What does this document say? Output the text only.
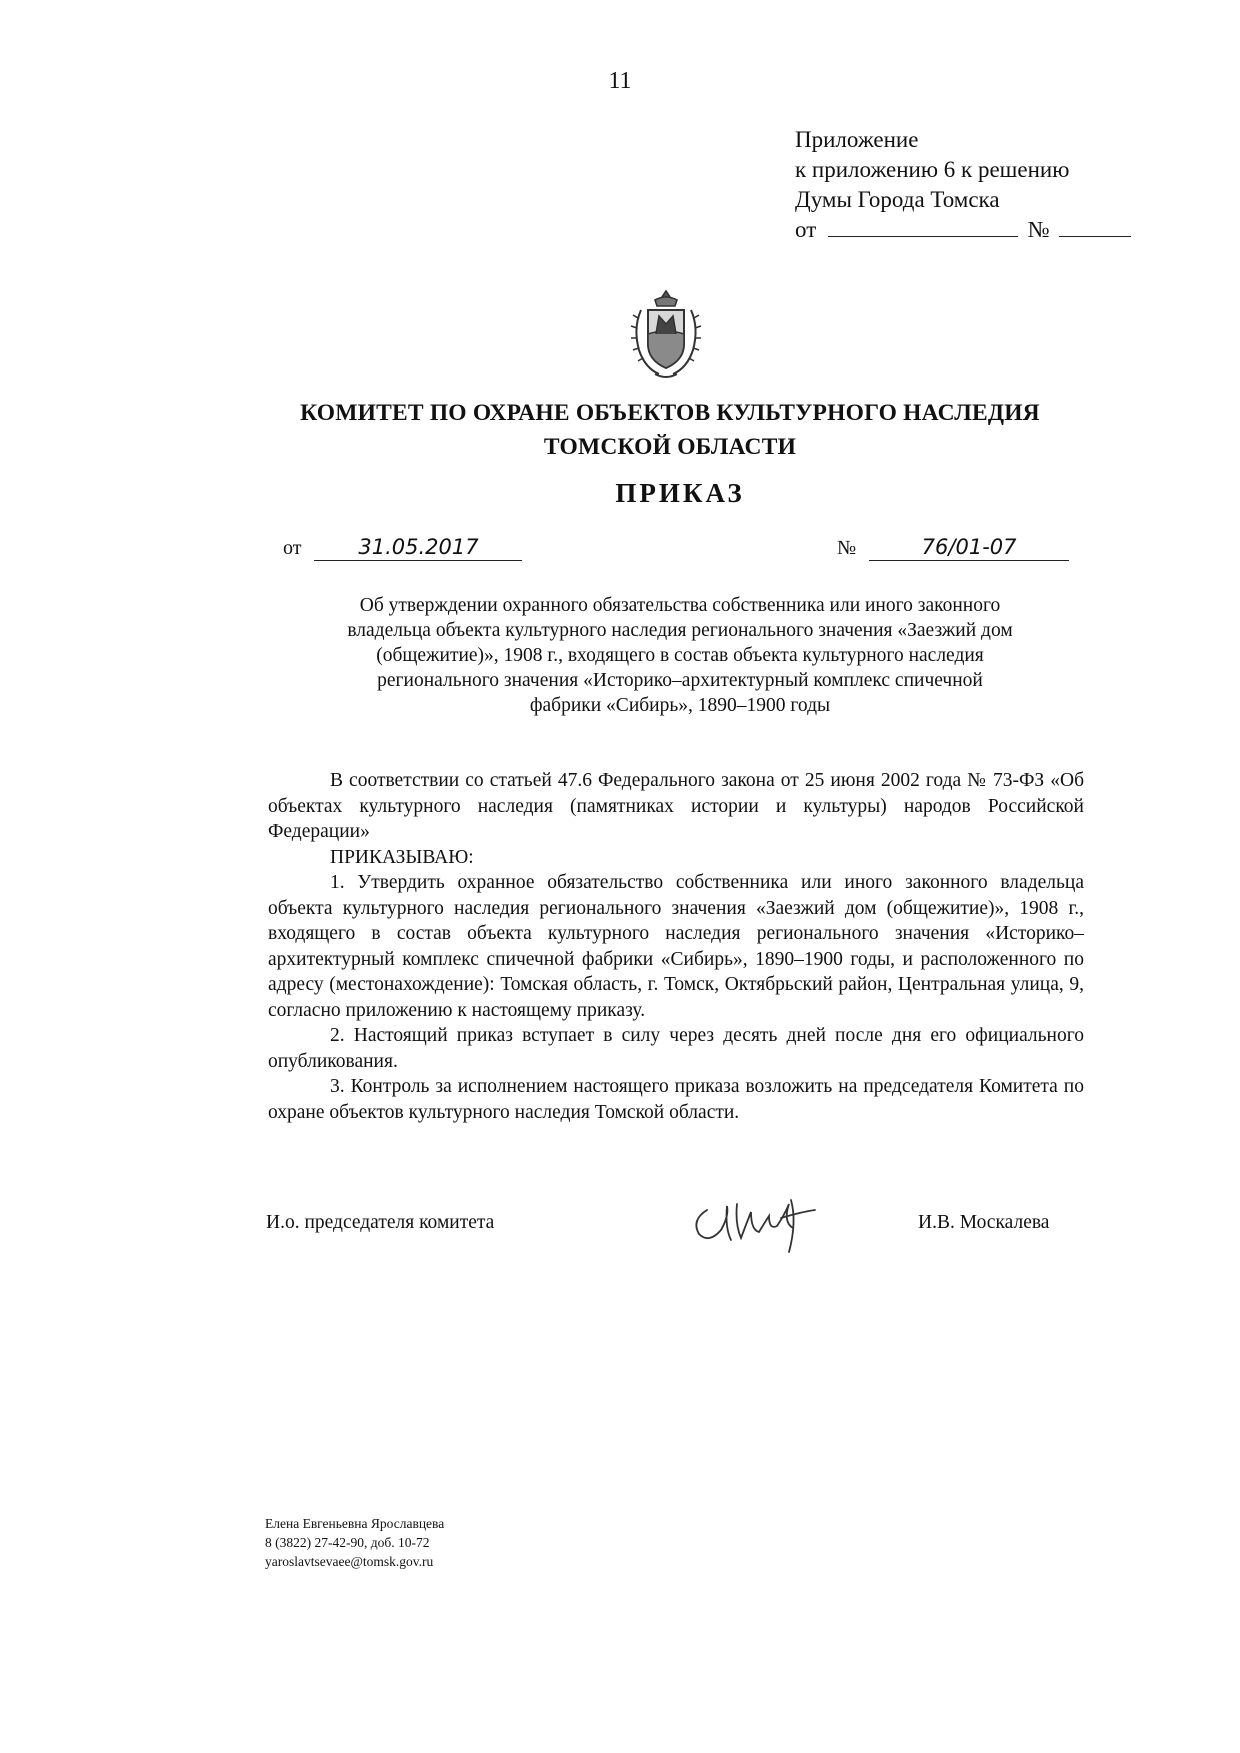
11
Приложение
к приложению 6 к решению
Думы Города Томска
от	№
КОМИТЕТ ПО ОХРАНЕ ОБЪЕКТОВ КУЛЬТУРНОГО НАСЛЕДИЯ
ТОМСКОЙ ОБЛАСТИ
ПРИКАЗ
от	31.05.2017	№	76/01-07
Об утверждении охранного обязательства собственника или иного законного
владельца объекта культурного наследия регионального значения «Заезжий дом
(общежитие)», 1908 г., входящего в состав объекта культурного наследия
регионального значения «Историко–архитектурный комплекс спичечной
фабрики «Сибирь», 1890–1900 годы

В соответствии со статьей 47.6 Федерального закона от 25 июня 2002 года № 73-ФЗ «Об объектах культурного наследия (памятниках истории и культуры) народов Российской Федерации»

ПРИКАЗЫВАЮ:

1. Утвердить охранное обязательство собственника или иного законного владельца объекта культурного наследия регионального значения «Заезжий дом (общежитие)», 1908 г., входящего в состав объекта культурного наследия регионального значения «Историко–архитектурный комплекс спичечной фабрики «Сибирь», 1890–1900 годы, и расположенного по адресу (местонахождение): Томская область, г. Томск, Октябрьский район, Центральная улица, 9, согласно приложению к настоящему приказу.

2. Настоящий приказ вступает в силу через десять дней после дня его официального опубликования.

3. Контроль за исполнением настоящего приказа возложить на председателя Комитета по охране объектов культурного наследия Томской области.

И.о. председателя комитета	И.В. Москалева
Елена Евгеньевна Ярославцева
8 (3822) 27-42-90, доб. 10-72
yaroslavtsevaee@tomsk.gov.ru
